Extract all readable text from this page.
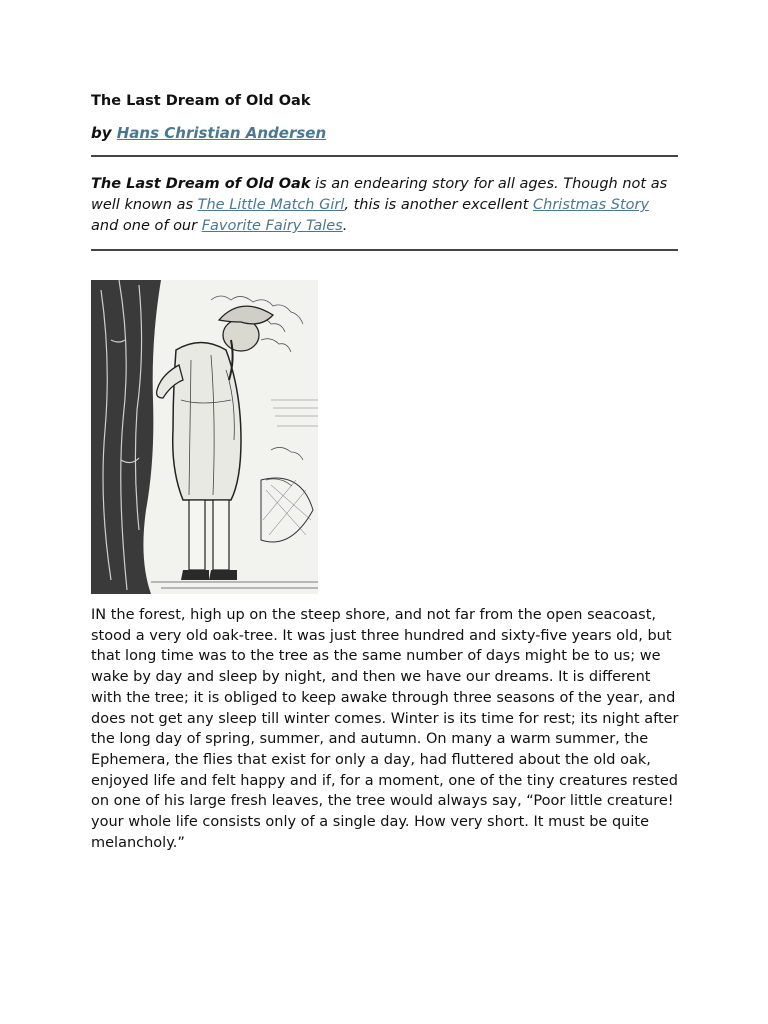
The Last Dream of Old Oak
by Hans Christian Andersen

The Last Dream of Old Oak is an endearing story for all ages. Though not as well known as The Little Match Girl, this is another excellent Christmas Story and one of our Favorite Fairy Tales.

IN the forest, high up on the steep shore, and not far from the open seacoast, stood a very old oak-tree. It was just three hundred and sixty-five years old, but that long time was to the tree as the same number of days might be to us; we wake by day and sleep by night, and then we have our dreams. It is different with the tree; it is obliged to keep awake through three seasons of the year, and does not get any sleep till winter comes. Winter is its time for rest; its night after the long day of spring, summer, and autumn. On many a warm summer, the Ephemera, the flies that exist for only a day, had fluttered about the old oak, enjoyed life and felt happy and if, for a moment, one of the tiny creatures rested on one of his large fresh leaves, the tree would always say, “Poor little creature! your whole life consists only of a single day. How very short. It must be quite melancholy.”
